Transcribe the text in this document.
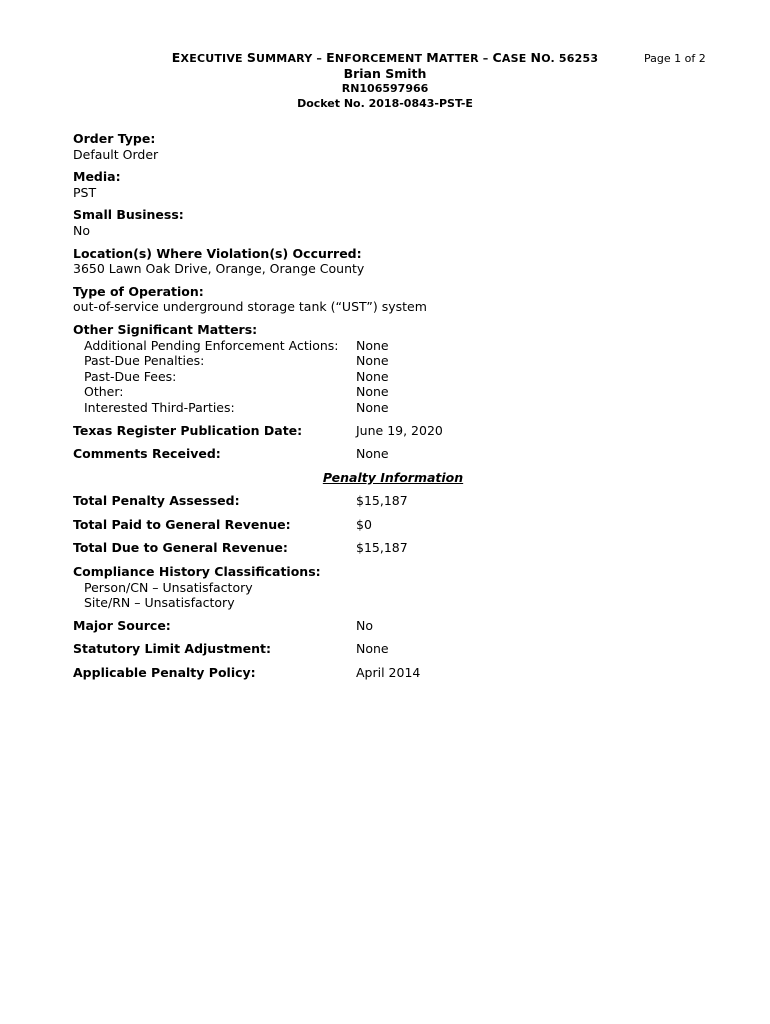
EXECUTIVE SUMMARY – ENFORCEMENT MATTER – CASE NO. 56253
Brian Smith
RN106597966
Docket No. 2018-0843-PST-E
Page 1 of 2
Order Type:
Default Order
Media:
PST
Small Business:
No
Location(s) Where Violation(s) Occurred:
3650 Lawn Oak Drive, Orange, Orange County
Type of Operation:
out-of-service underground storage tank (“UST”) system
Other Significant Matters:
Additional Pending Enforcement Actions:	None
Past-Due Penalties:	None
Past-Due Fees:	None
Other:	None
Interested Third-Parties:	None
Texas Register Publication Date:	June 19, 2020
Comments Received:	None
Penalty Information
Total Penalty Assessed:	$15,187
Total Paid to General Revenue:	$0
Total Due to General Revenue:	$15,187
Compliance History Classifications:
Person/CN – Unsatisfactory
Site/RN – Unsatisfactory
Major Source:	No
Statutory Limit Adjustment:	None
Applicable Penalty Policy:	April 2014
